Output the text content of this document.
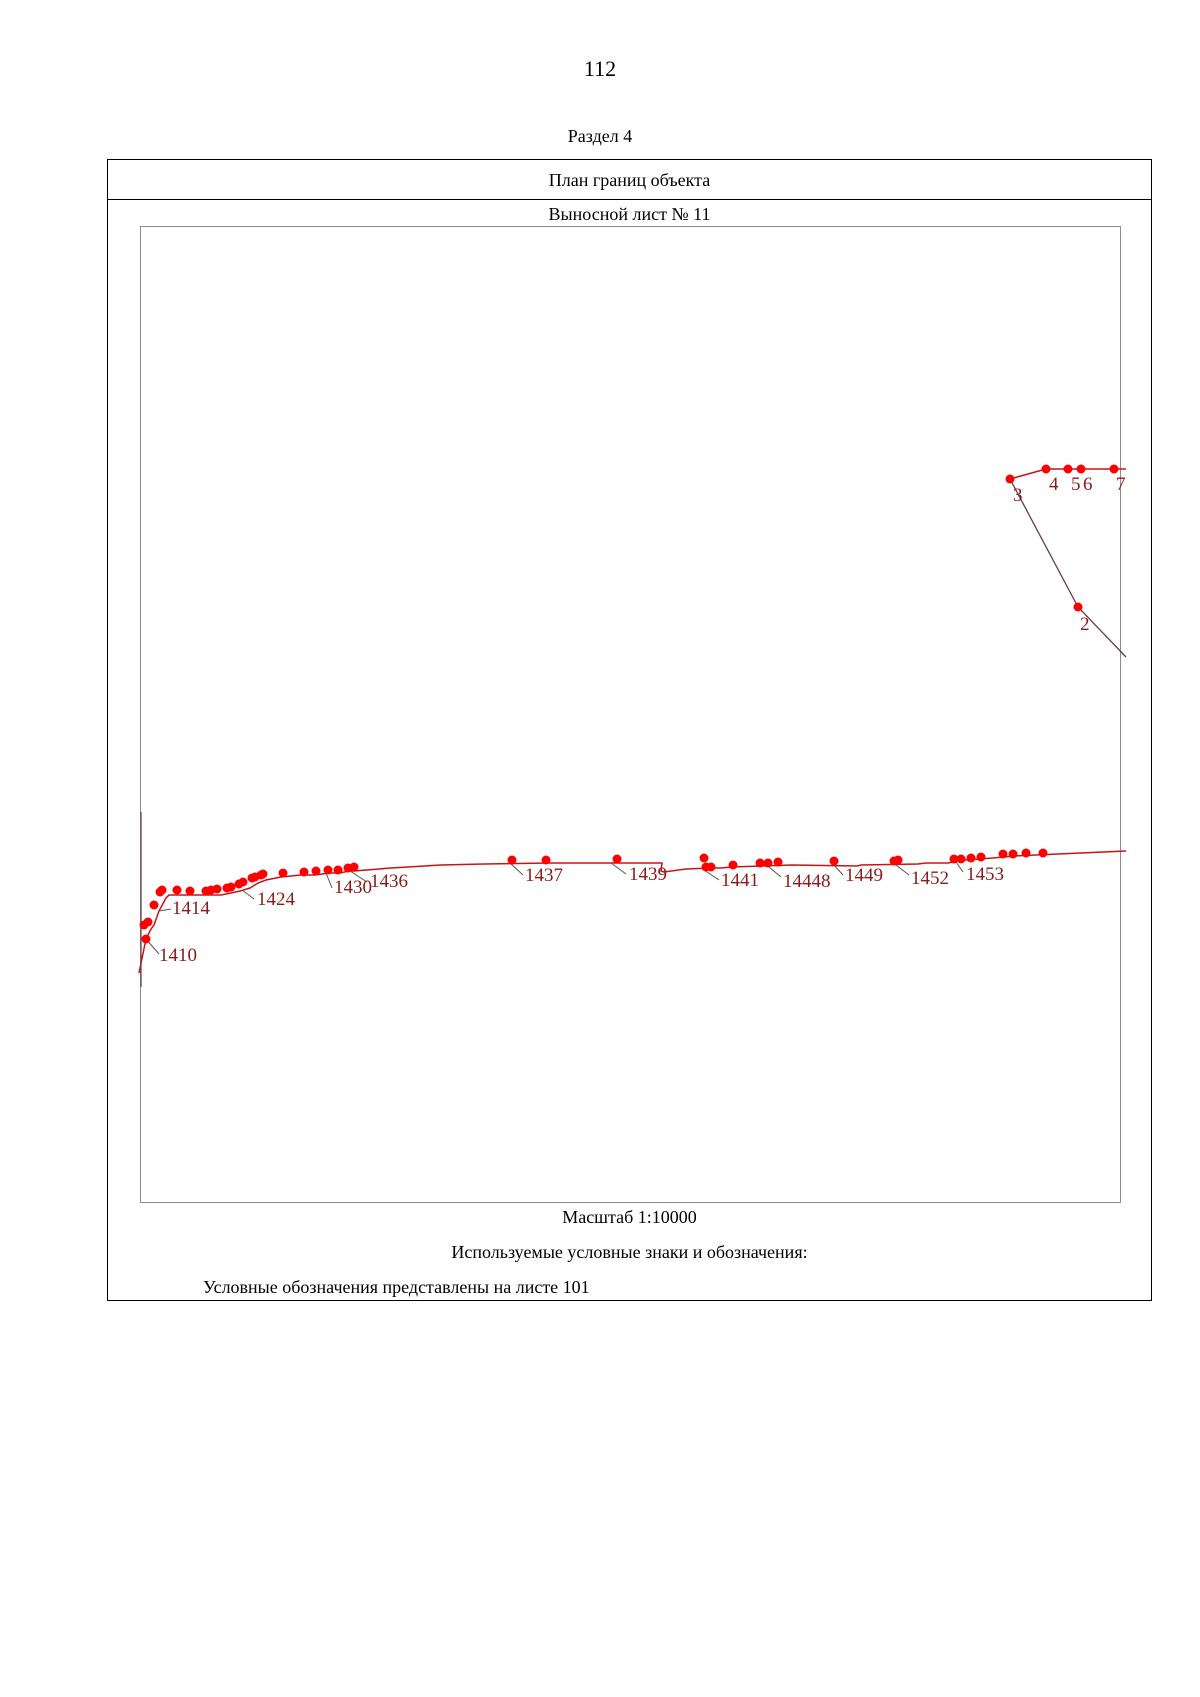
112
Раздел 4
План границ объекта
Выносной лист № 11
3
4 5 6 7
2
1410
1414 1424
1430
1436	1437	1439	1441 14448 1449 1452 1453
Масштаб 1:10000
Используемые условные знаки и обозначения:
Условные обозначения представлены на листе 101
